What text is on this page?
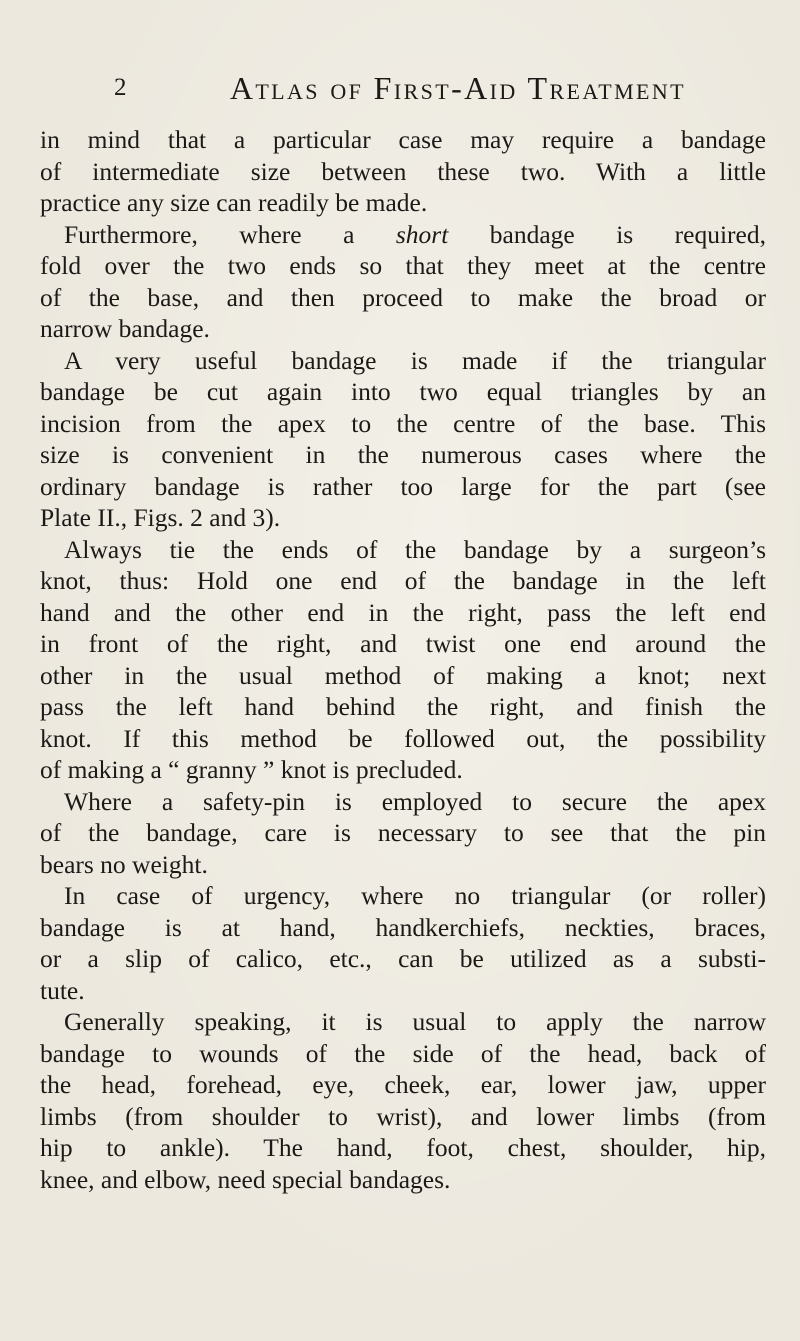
2	Atlas of First-Aid Treatment
in mind that a particular case may require a bandage
of intermediate size between these two. With a little
practice any size can readily be made.
Furthermore, where a short bandage is required,
fold over the two ends so that they meet at the centre
of the base, and then proceed to make the broad or
narrow bandage.
A very useful bandage is made if the triangular
bandage be cut again into two equal triangles by an
incision from the apex to the centre of the base. This
size is convenient in the numerous cases where the
ordinary bandage is rather too large for the part (see
Plate II., Figs. 2 and 3).
Always tie the ends of the bandage by a surgeon’s
knot, thus: Hold one end of the bandage in the left
hand and the other end in the right, pass the left end
in front of the right, and twist one end around the
other in the usual method of making a knot; next
pass the left hand behind the right, and finish the
knot. If this method be followed out, the possibility
of making a “ granny ” knot is precluded.
Where a safety-pin is employed to secure the apex
of the bandage, care is necessary to see that the pin
bears no weight.
In case of urgency, where no triangular (or roller)
bandage is at hand, handkerchiefs, neckties, braces,
or a slip of calico, etc., can be utilized as a substi-
tute.
Generally speaking, it is usual to apply the narrow
bandage to wounds of the side of the head, back of
the head, forehead, eye, cheek, ear, lower jaw, upper
limbs (from shoulder to wrist), and lower limbs (from
hip to ankle). The hand, foot, chest, shoulder, hip,
knee, and elbow, need special bandages.
